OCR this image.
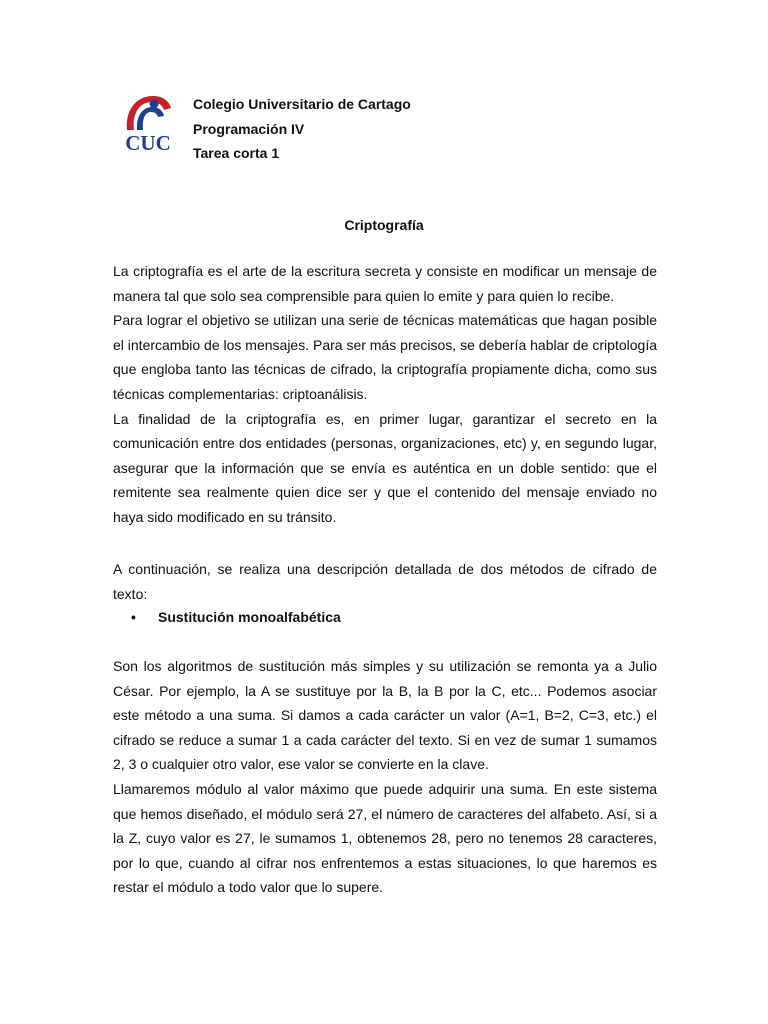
CUC
Colegio Universitario de Cartago
Programación IV
Tarea corta 1
Criptografía

La criptografía es el arte de la escritura secreta y consiste en modificar un mensaje de manera tal que solo sea comprensible para quien lo emite y para quien lo recibe.

Para lograr el objetivo se utilizan una serie de técnicas matemáticas que hagan posible el intercambio de los mensajes. Para ser más precisos, se debería hablar de criptología que engloba tanto las técnicas de cifrado, la criptografía propiamente dicha, como sus técnicas complementarias: criptoanálisis.

La finalidad de la criptografía es, en primer lugar, garantizar el secreto en la comunicación entre dos entidades (personas, organizaciones, etc) y, en segundo lugar, asegurar que la información que se envía es auténtica en un doble sentido: que el remitente sea realmente quien dice ser y que el contenido del mensaje enviado no haya sido modificado en su tránsito.

A continuación, se realiza una descripción detallada de dos métodos de cifrado de texto:

• Sustitución monoalfabética

Son los algoritmos de sustitución más simples y su utilización se remonta ya a Julio César. Por ejemplo, la A se sustituye por la B, la B por la C, etc... Podemos asociar este método a una suma. Si damos a cada carácter un valor (A=1, B=2, C=3, etc.) el cifrado se reduce a sumar 1 a cada carácter del texto. Si en vez de sumar 1 sumamos 2, 3 o cualquier otro valor, ese valor se convierte en la clave.

Llamaremos módulo al valor máximo que puede adquirir una suma. En este sistema que hemos diseñado, el módulo será 27, el número de caracteres del alfabeto. Así, si a la Z, cuyo valor es 27, le sumamos 1, obtenemos 28, pero no tenemos 28 caracteres, por lo que, cuando al cifrar nos enfrentemos a estas situaciones, lo que haremos es restar el módulo a todo valor que lo supere.
